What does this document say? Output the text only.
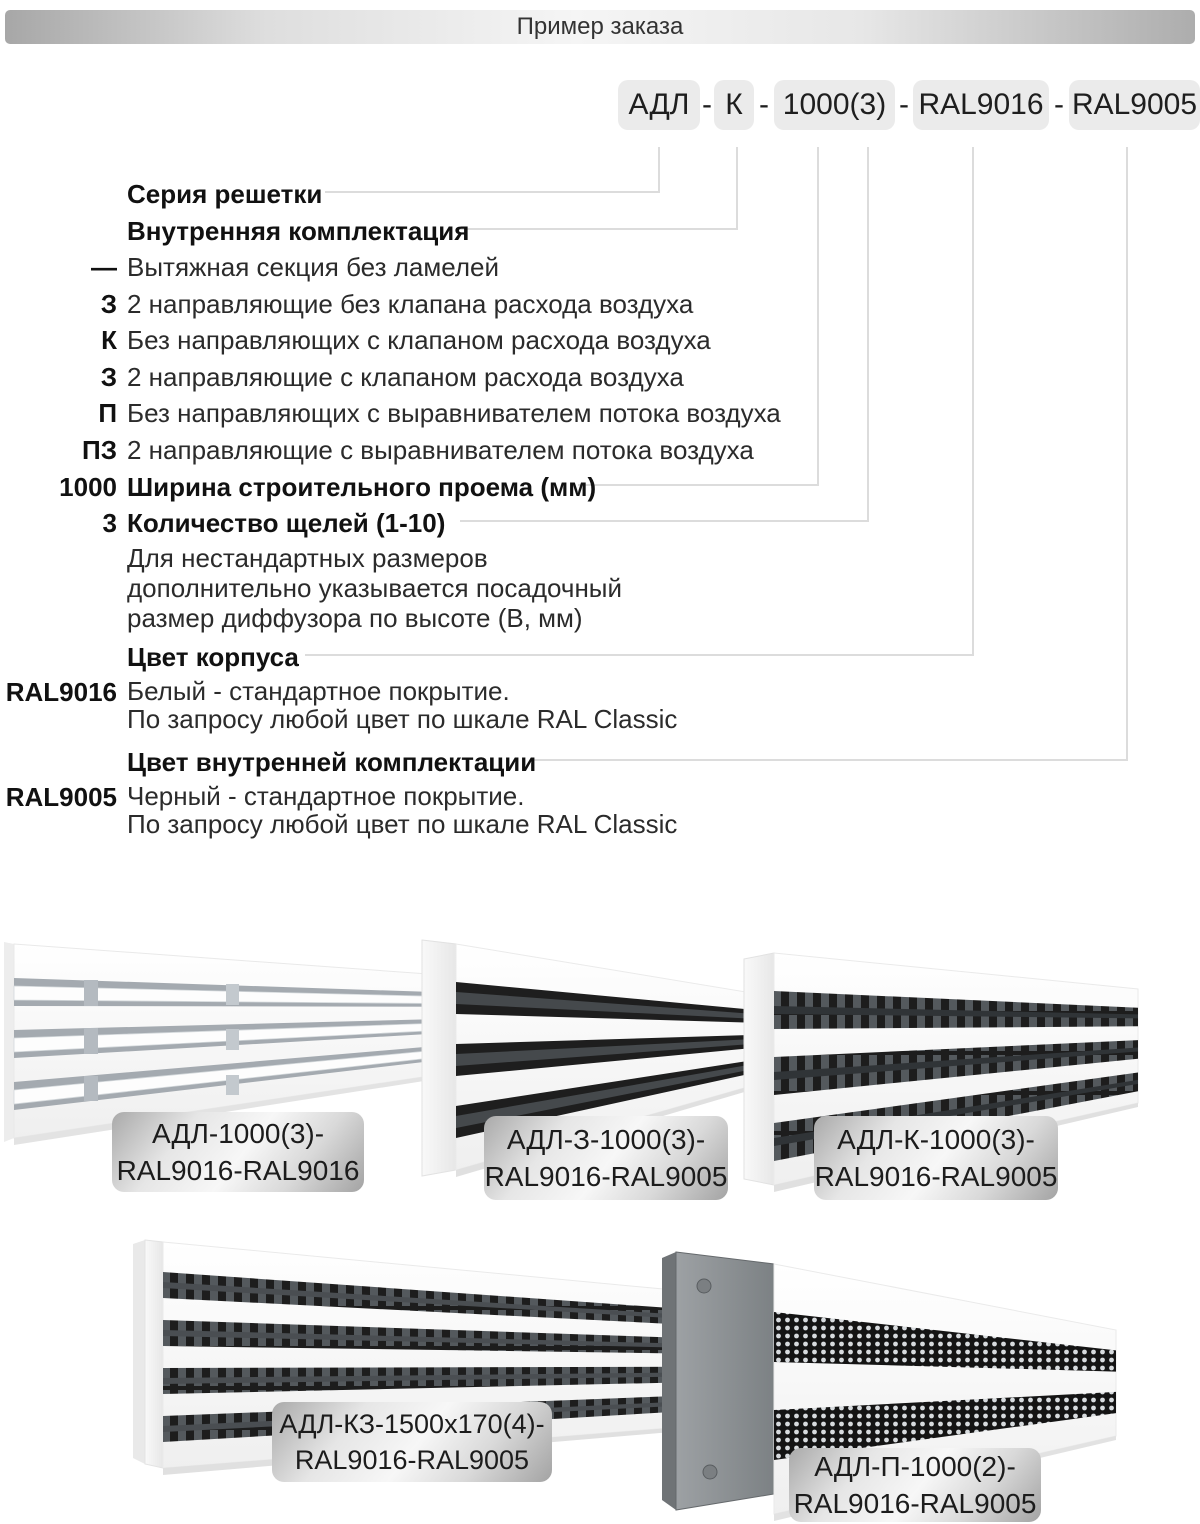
Пример заказа
АДЛ - К - 1000(3) - RAL9016 - RAL9005
Серия решетки
Внутренняя комплектация
— Вытяжная секция без ламелей
З 2 направляющие без клапана расхода воздуха
К Без направляющих с клапаном расхода воздуха
З 2 направляющие с клапаном расхода воздуха
П Без направляющих с выравнивателем потока воздуха
ПЗ 2 направляющие с выравнивателем потока воздуха
1000 Ширина строительного проема (мм)
3 Количество щелей (1-10)
Для нестандартных размеров
дополнительно указывается посадочный
размер диффузора по высоте (В, мм)
Цвет корпуса
RAL9016 Белый - стандартное покрытие.
По запросу любой цвет по шкале RAL Classic
Цвет внутренней комплектации
RAL9005 Черный - стандартное покрытие.
По запросу любой цвет по шкале RAL Classic
АДЛ-1000(3)-
RAL9016-RAL9016
АДЛ-З-1000(3)-
RAL9016-RAL9005
АДЛ-К-1000(3)-
RAL9016-RAL9005
АДЛ-КЗ-1500х170(4)-
RAL9016-RAL9005	АДЛ-П-1000(2)-
RAL9016-RAL9005
